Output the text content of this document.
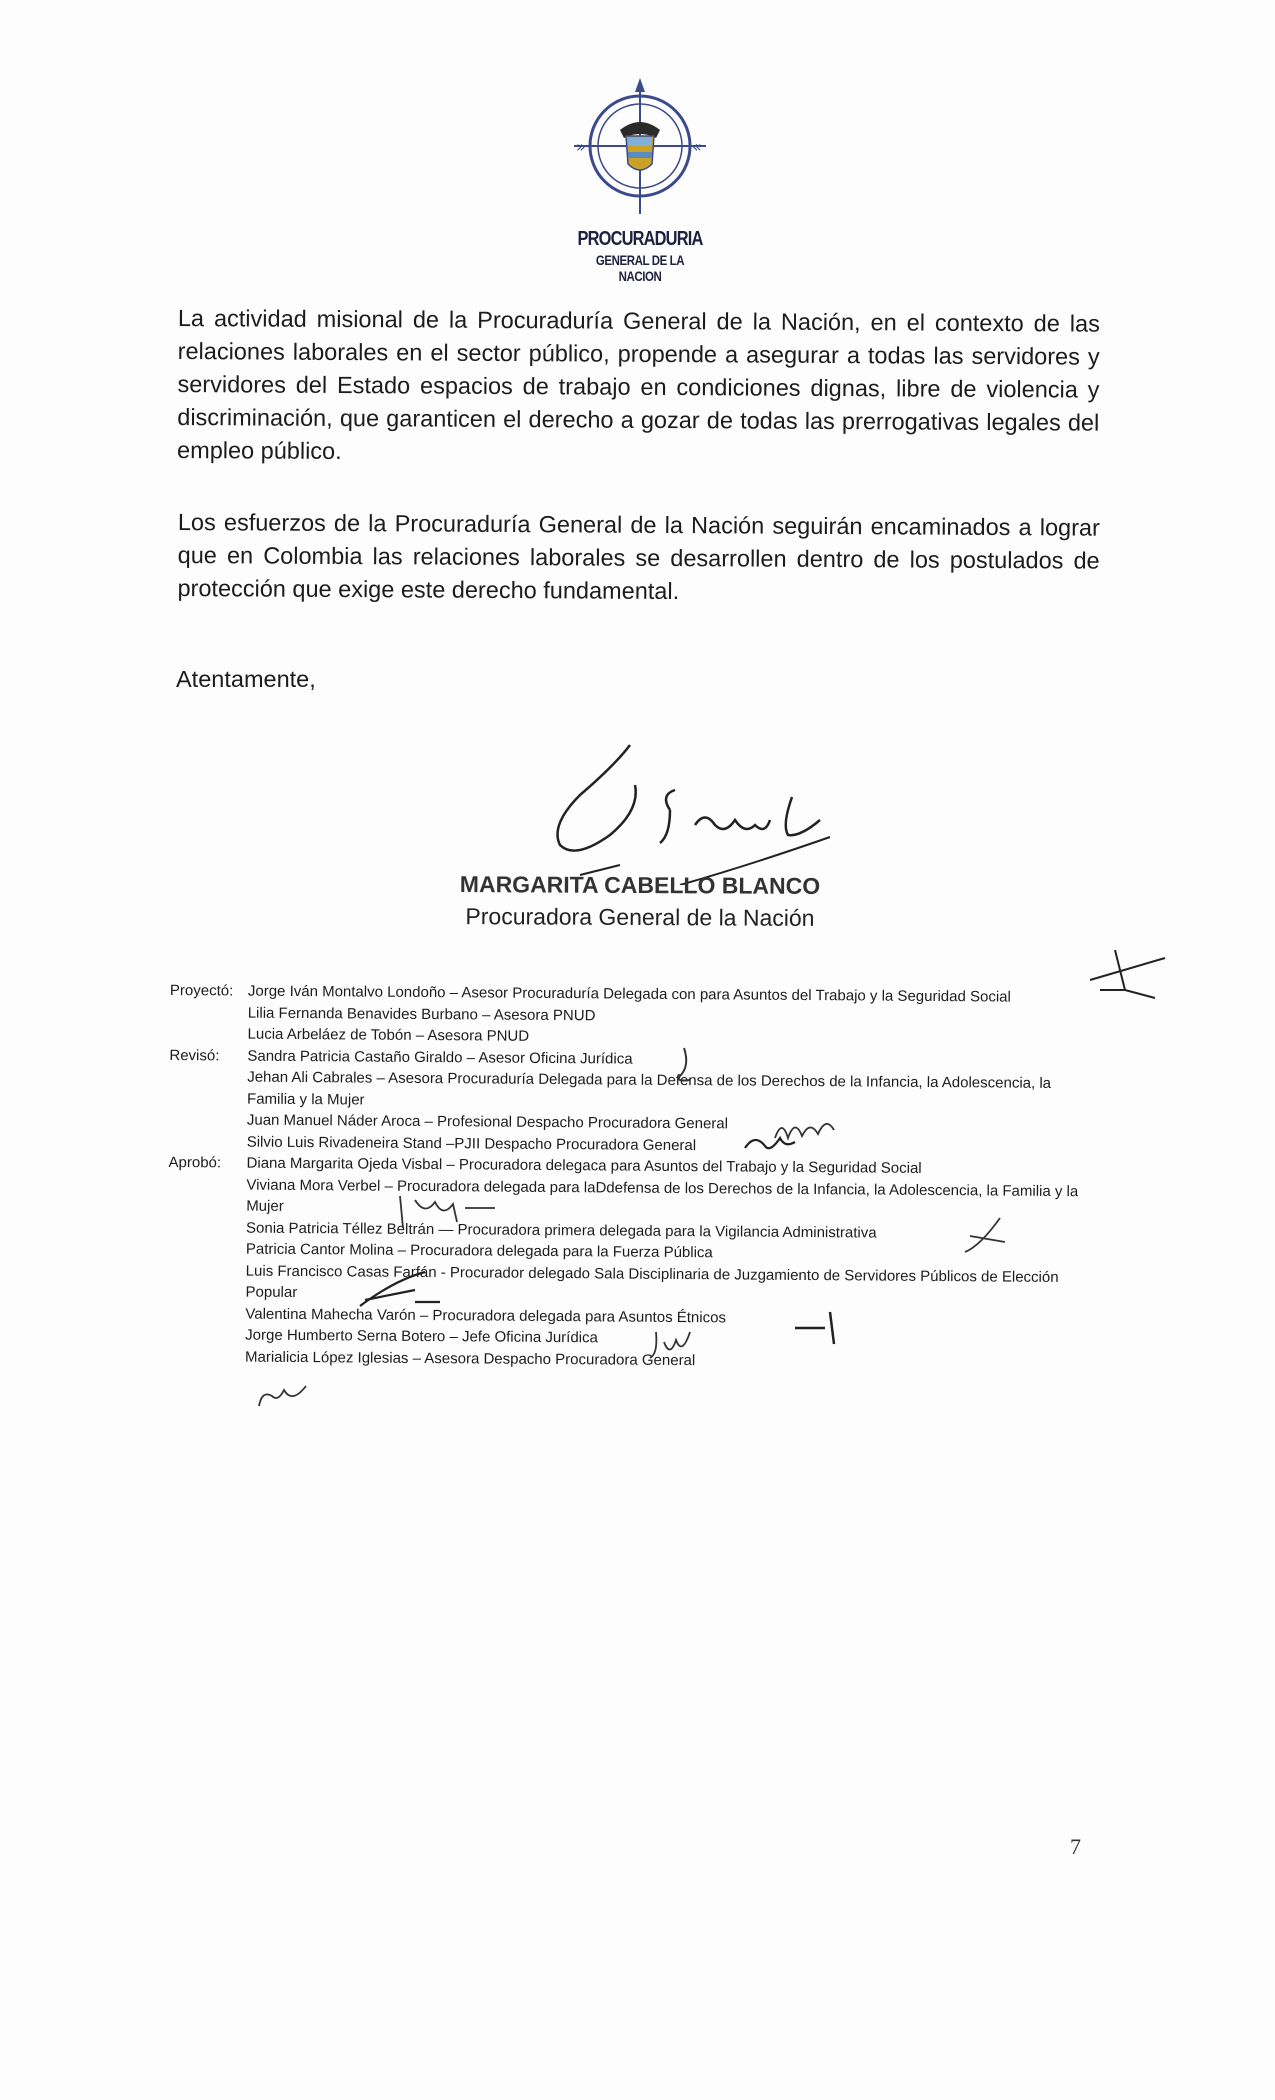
»	«
PROCURADURIA
GENERAL DE LA NACION
La actividad misional de la Procuraduría General de la Nación, en el contexto de las relaciones laborales en el sector público, propende a asegurar a todas las servidores y servidores del Estado espacios de trabajo en condiciones dignas, libre de violencia y discriminación, que garanticen el derecho a gozar de todas las prerrogativas legales del empleo público.
Los esfuerzos de la Procuraduría General de la Nación seguirán encaminados a lograr que en Colombia las relaciones laborales se desarrollen dentro de los postulados de protección que exige este derecho fundamental.
Atentamente,
MARGARITA CABELLO BLANCO
Procuradora General de la Nación
Proyectó: Jorge Iván Montalvo Londoño – Asesor Procuraduría Delegada con para Asuntos del Trabajo y la Seguridad Social
Lilia Fernanda Benavides Burbano – Asesora PNUD
Lucia Arbeláez de Tobón – Asesora PNUD
Revisó:	Sandra Patricia Castaño Giraldo – Asesor Oficina Jurídica
Jehan Ali Cabrales – Asesora Procuraduría Delegada para la Defensa de los Derechos de la Infancia, la Adolescencia, la Familia y la Mujer
Juan Manuel Náder Aroca – Profesional Despacho Procuradora General
Silvio Luis Rivadeneira Stand –PJII Despacho Procuradora General
Aprobó:	Diana Margarita Ojeda Visbal – Procuradora delegaca para Asuntos del Trabajo y la Seguridad Social
Viviana Mora Verbel – Procuradora delegada para laDdefensa de los Derechos de la Infancia, la Adolescencia, la Familia y la Mujer
Sonia Patricia Téllez Beltrán — Procuradora primera delegada para la Vigilancia Administrativa
Patricia Cantor Molina – Procuradora delegada para la Fuerza Pública
Luis Francisco Casas Farfán - Procurador delegado Sala Disciplinaria de Juzgamiento de Servidores Públicos de Elección Popular
Valentina Mahecha Varón – Procuradora delegada para Asuntos Étnicos
Jorge Humberto Serna Botero – Jefe Oficina Jurídica
Marialicia López Iglesias – Asesora Despacho Procuradora General
7
